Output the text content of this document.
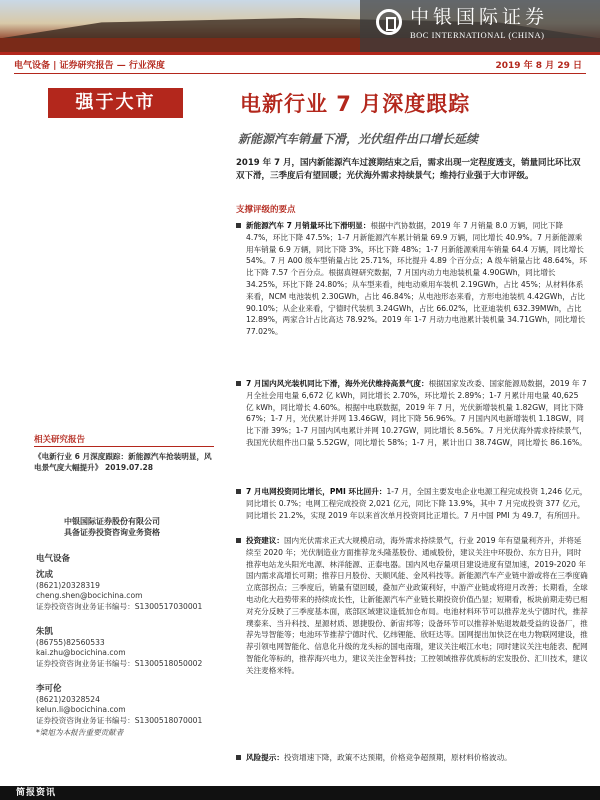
中银国际证券
BOC INTERNATIONAL (CHINA)
电气设备 | 证券研究报告 — 行业深度	2019 年 8 月 29 日
强于大市	电新行业 7 月深度跟踪
新能源汽车销量下滑，光伏组件出口增长延续
2019 年 7 月，国内新能源汽车过渡期结束之后，需求出现一定程度透支，销量同比环比双双下滑，三季度后有望回暖；光伏海外需求持续景气；维持行业强于大市评级。
支撑评级的要点
新能源汽车 7 月销量环比下滑明显：根据中汽协数据，2019 年 7 月销量 8.0 万辆，同比下降 4.7%，环比下降 47.5%；1-7 月新能源汽车累计销量 69.9 万辆，同比增长 40.9%。7 月新能源乘用车销量 6.9 万辆，同比下降 3%，环比下降 48%；1-7 月新能源乘用车销量 64.4 万辆，同比增长 54%。7 月 A00 级车型销量占比 25.71%，环比提升 4.89 个百分点；A 级车销量占比 48.64%，环比下降 7.57 个百分点。根据真锂研究数据，7 月国内动力电池装机量 4.90GWh，同比增长 34.25%，环比下降 24.80%；从车型来看，纯电动乘用车装机 2.19GWh，占比 45%；从材料体系来看，NCM 电池装机 2.30GWh，占比 46.84%；从电池形态来看，方形电池装机 4.42GWh，占比 90.10%；从企业来看，宁德时代装机 3.24GWh，占比 66.02%，比亚迪装机 632.39MWh，占比 12.89%，两家合计占比高达 78.92%。2019 年 1-7 月动力电池累计装机量 34.71GWh，同比增长 77.02%。
7 月国内风光装机同比下滑，海外光伏维持高景气度：根据国家发改委、国家能源局数据，2019 年 7 月全社会用电量 6,672 亿 kWh，同比增长 2.70%，环比增长 2.89%；1-7 月累计用电量 40,625 亿 kWh，同比增长 4.60%。根据中电联数据，2019 年 7 月，光伏新增装机量 1.82GW，同比下降 67%；1-7 月，光伏累计并网 13.46GW，同比下降 56.96%。7 月国内风电新增装机 1.18GW，同比下滑 39%；1-7 月国内风电累计并网 10.27GW，同比增长 8.56%。7 月光伏海外需求持续景气，我国光伏组件出口量 5.52GW，同比增长 58%；1-7 月，累计出口 38.74GW，同比增长 86.16%。
7 月电网投资同比增长，PMI 环比回升：1-7 月，全国主要发电企业电源工程完成投资 1,246 亿元，同比增长 0.7%；电网工程完成投资 2,021 亿元，同比下降 13.9%，其中 7 月完成投资 377 亿元，同比增长 21.2%，实现 2019 年以来首次单月投资同比正增长。7 月中国 PMI 为 49.7，有所回升。
投资建议：国内光伏需求正式大规模启动，海外需求持续景气，行业 2019 年有望量利齐升，并将延续至 2020 年；光伏制造业方面推荐龙头隆基股份、通威股份，建议关注中环股份、东方日升，同时推荐电站龙头阳光电源、林洋能源、正泰电器。国内风电存量项目建设进度有望加速，2019-2020 年国内需求高增长可期；推荐日月股份、天顺风能、金风科技等。新能源汽车产业链中游或将在三季度确立底部拐点；三季度后，销量有望回暖，叠加产业政策利好，中游产业链或将迎月改善；长期看，全球电动化大趋势带来的持续成长性，让新能源汽车产业链长期投资价值凸显；短期看，板块前期走势已相对充分反映了三季度基本面，底部区域建议逢低加仓布局。电池材料环节可以推荐龙头宁德时代，推荐璞泰来、当升科技、星源材质、恩捷股份、新宙邦等；设备环节可以推荐补贴退坡最受益的设备厂，推荐先导智能等；电池环节推荐宁德时代、亿纬锂能、欣旺达等。国网提出加快泛在电力物联网建设，推荐引领电网智能化、信息化升级的龙头标的国电南瑞，建议关注岷江水电；同时建议关注电能表、配网智能化等标的，推荐海兴电力，建议关注金智科技；工控领域推荐优质标的宏发股份、汇川技术，建议关注麦格米特。
风险提示：投资增速下降，政策不达预期，价格竞争超预期，原材料价格波动。
相关研究报告
《电新行业 6 月深度跟踪：新能源汽车抢装明显，风电景气度大幅提升》 2019.07.28
中银国际证券股份有限公司
具备证券投资咨询业务资格
电气设备
沈成
(8621)20328319
cheng.shen@bocichina.com
证券投资咨询业务证书编号：S1300517030001
朱凯
(86755)82560533
kai.zhu@bocichina.com
证券投资咨询业务证书编号：S1300518050002
李可伦
(8621)20328524
kelun.li@bocichina.com
证券投资咨询业务证书编号：S1300518070001
*梁旭为本报告重要贡献者
简报资讯
